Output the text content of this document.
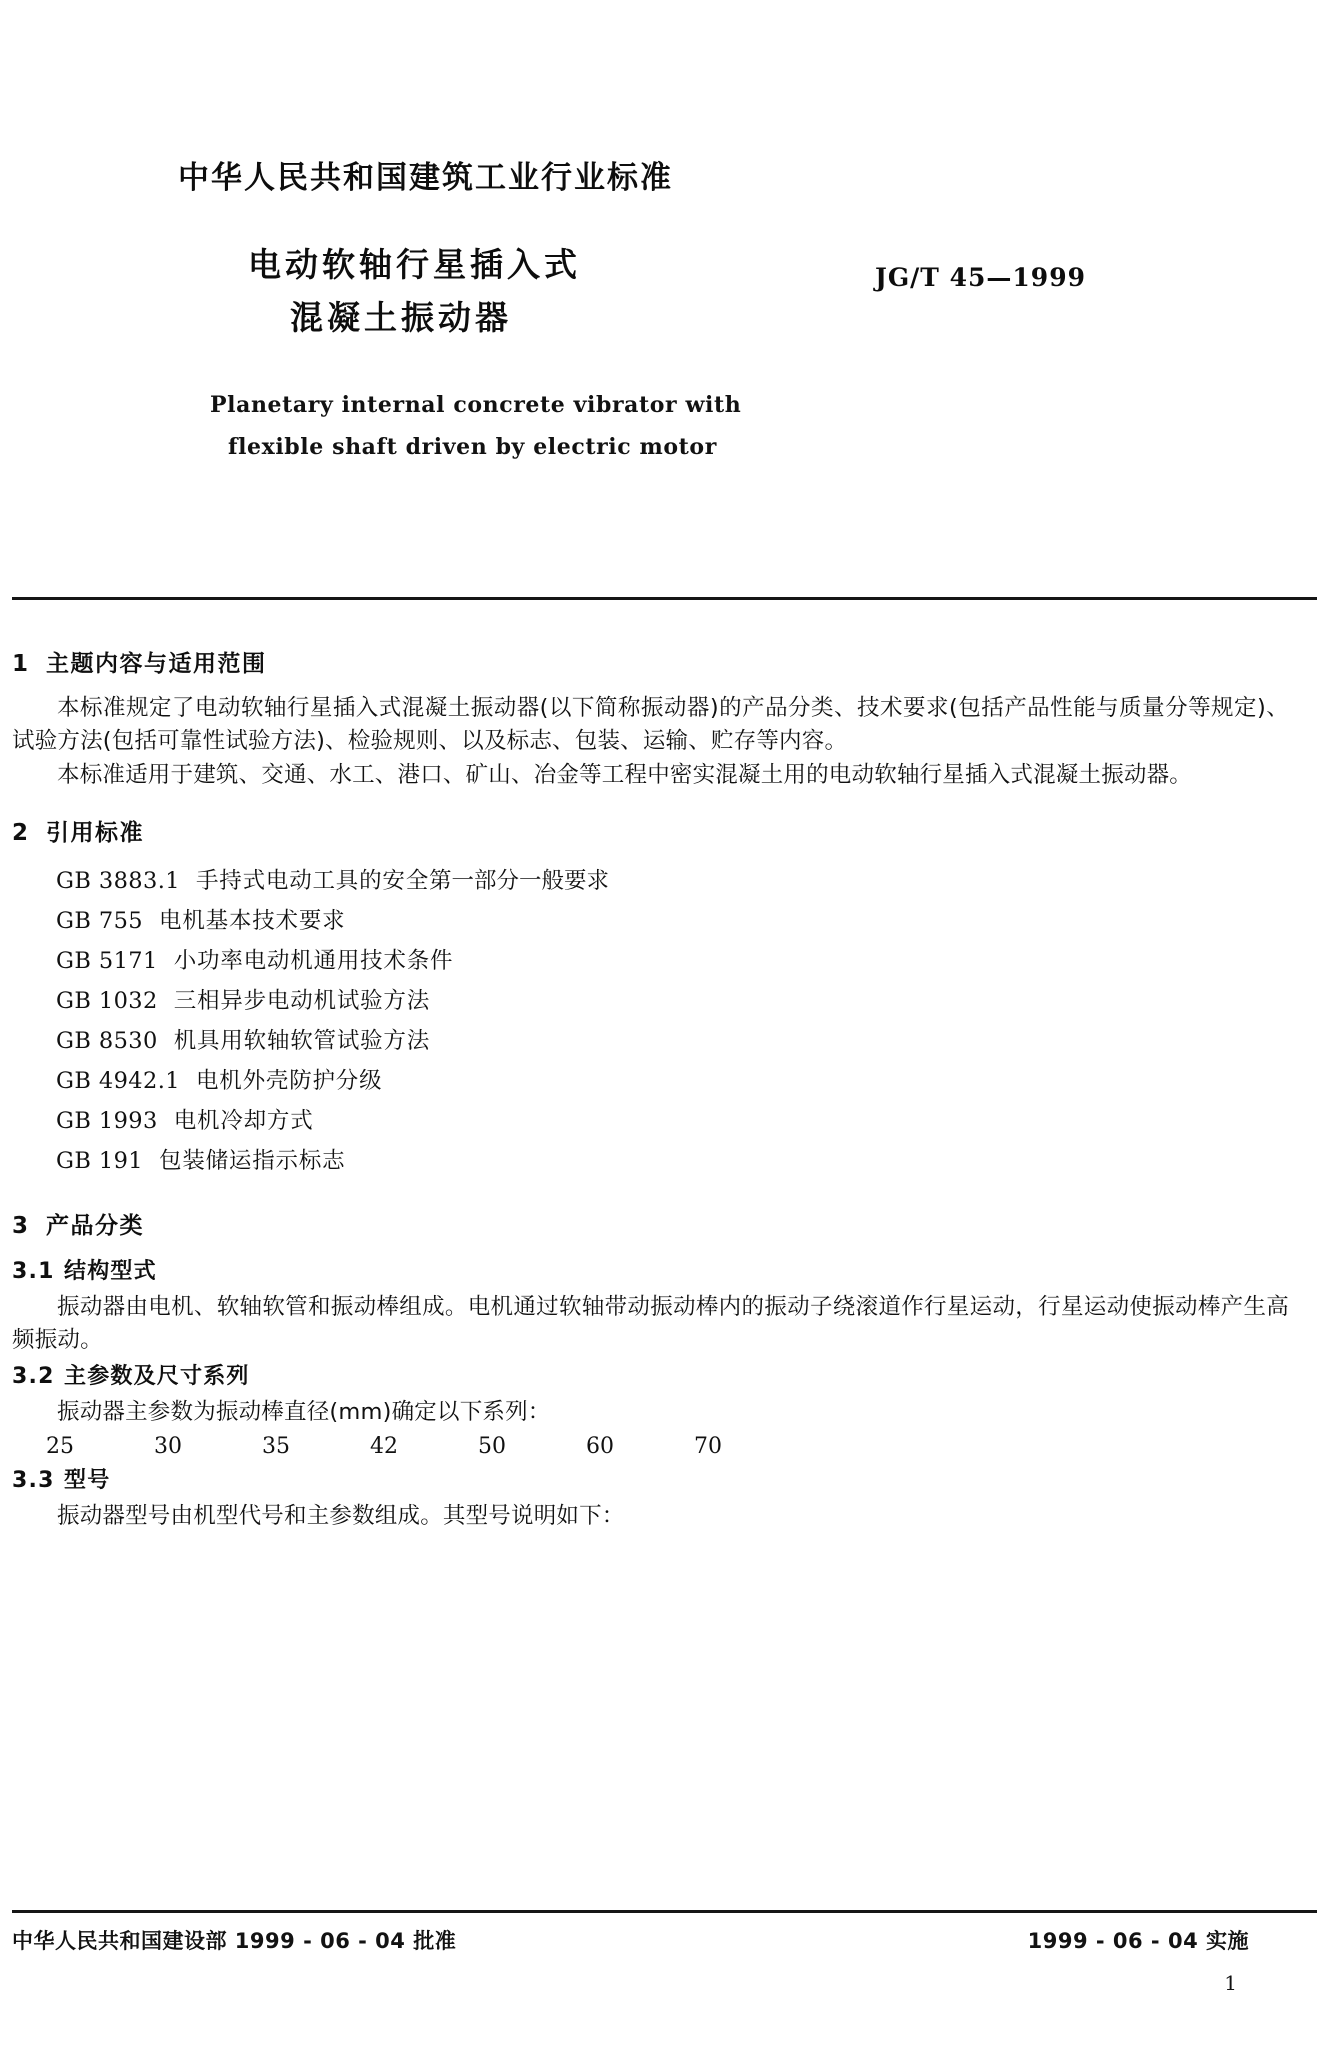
中华人民共和国建筑工业行业标准
电动软轴行星插入式
混凝土振动器
JG/T 45—1999
Planetary internal concrete vibrator with
flexible shaft driven by electric motor
1 主题内容与适用范围

本标准规定了电动软轴行星插入式混凝土振动器(以下简称振动器)的产品分类、技术要求(包括产品性能与质量分等规定)、试验方法(包括可靠性试验方法)、检验规则、以及标志、包装、运输、贮存等内容。

本标准适用于建筑、交通、水工、港口、矿山、冶金等工程中密实混凝土用的电动软轴行星插入式混凝土振动器。

2 引用标准
GB 3883.1 手持式电动工具的安全第一部分一般要求
GB 755 电机基本技术要求
GB 5171 小功率电动机通用技术条件
GB 1032 三相异步电动机试验方法
GB 8530 机具用软轴软管试验方法
GB 4942.1 电机外壳防护分级
GB 1993 电机冷却方式
GB 191 包装储运指示标志
3 产品分类
3.1 结构型式

振动器由电机、软轴软管和振动棒组成。电机通过软轴带动振动棒内的振动子绕滚道作行星运动，行星运动使振动棒产生高频振动。

3.2 主参数及尺寸系列

振动器主参数为振动棒直径(mm)确定以下系列：

25	30	35	42	50	60	70
3.3 型号

振动器型号由机型代号和主参数组成。其型号说明如下：

中华人民共和国建设部 1999 - 06 - 04 批准	1999 - 06 - 04 实施
1
